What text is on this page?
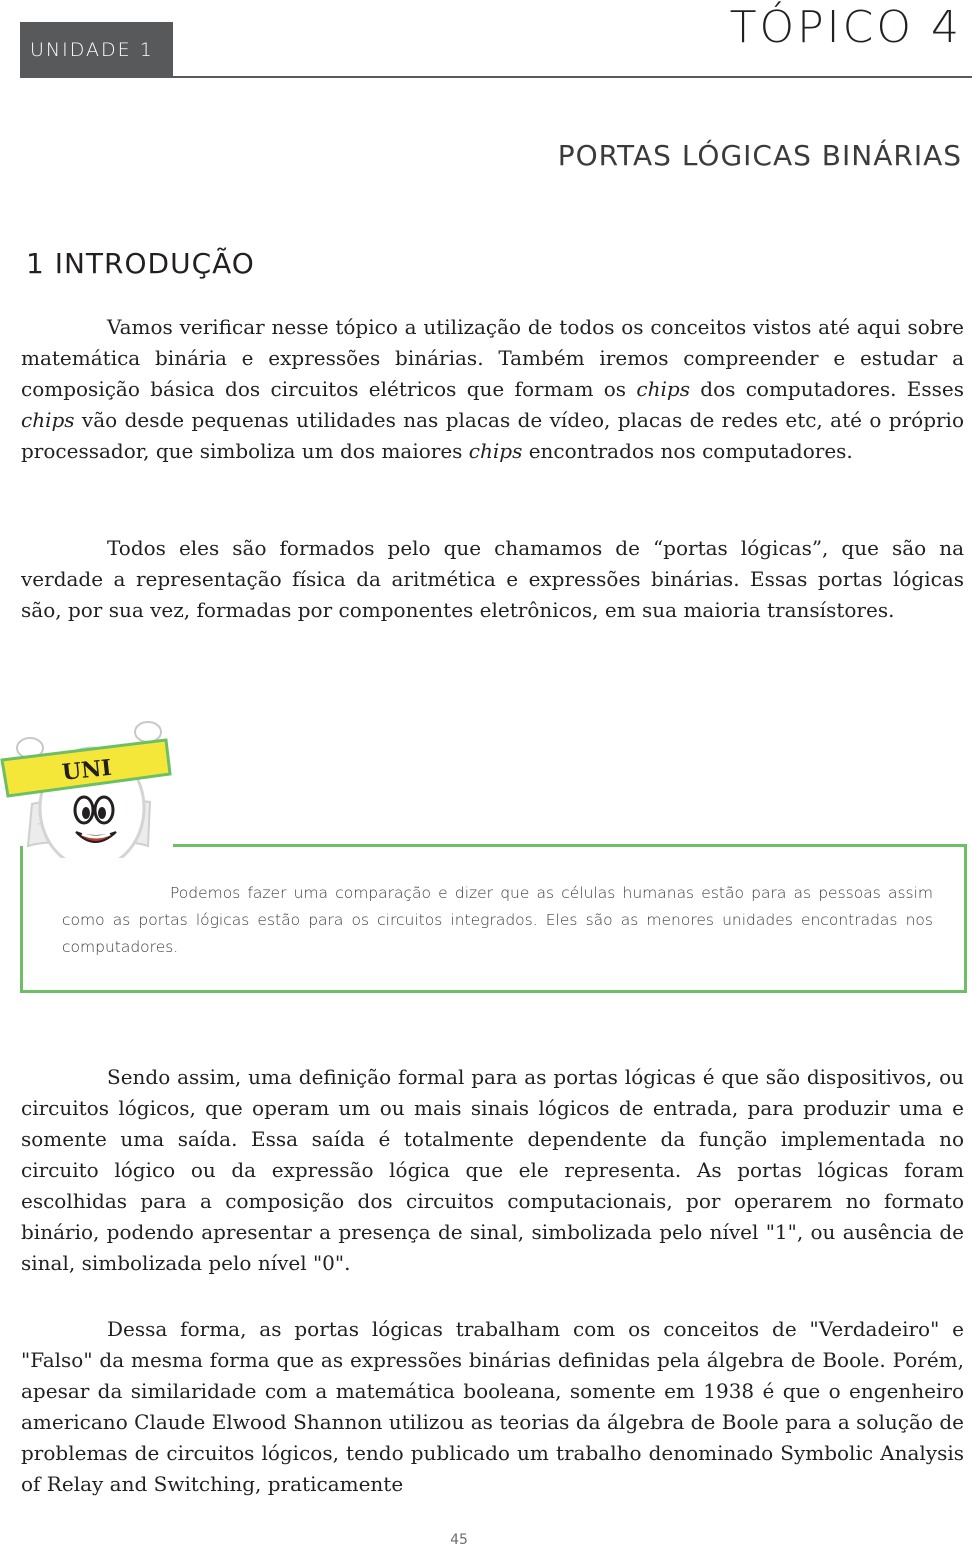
UNIDADE 1	TÓPICO 4
PORTAS LÓGICAS BINÁRIAS
1 INTRODUÇÃO

Vamos verificar nesse tópico a utilização de todos os conceitos vistos até aqui sobre matemática binária e expressões binárias. Também iremos compreender e estudar a composição básica dos circuitos elétricos que formam os chips dos computadores. Esses chips vão desde pequenas utilidades nas placas de vídeo, placas de redes etc, até o próprio processador, que simboliza um dos maiores chips encontrados nos computadores.

Todos eles são formados pelo que chamamos de “portas lógicas”, que são na verdade a representação física da aritmética e expressões binárias. Essas portas lógicas são, por sua vez, formadas por componentes eletrônicos, em sua maioria transístores.

UNI

Podemos fazer uma comparação e dizer que as células humanas estão para as pessoas assim como as portas lógicas estão para os circuitos integrados. Eles são as menores unidades encontradas nos computadores.

Sendo assim, uma definição formal para as portas lógicas é que são dispositivos, ou circuitos lógicos, que operam um ou mais sinais lógicos de entrada, para produzir uma e somente uma saída. Essa saída é totalmente dependente da função implementada no circuito lógico ou da expressão lógica que ele representa. As portas lógicas foram escolhidas para a composição dos circuitos computacionais, por operarem no formato binário, podendo apresentar a presença de sinal, simbolizada pelo nível "1", ou ausência de sinal, simbolizada pelo nível "0".

Dessa forma, as portas lógicas trabalham com os conceitos de "Verdadeiro" e "Falso" da mesma forma que as expressões binárias definidas pela álgebra de Boole. Porém, apesar da similaridade com a matemática booleana, somente em 1938 é que o engenheiro americano Claude Elwood Shannon utilizou as teorias da álgebra de Boole para a solução de problemas de circuitos lógicos, tendo publicado um trabalho denominado Symbolic Analysis of Relay and Switching, praticamente

45
